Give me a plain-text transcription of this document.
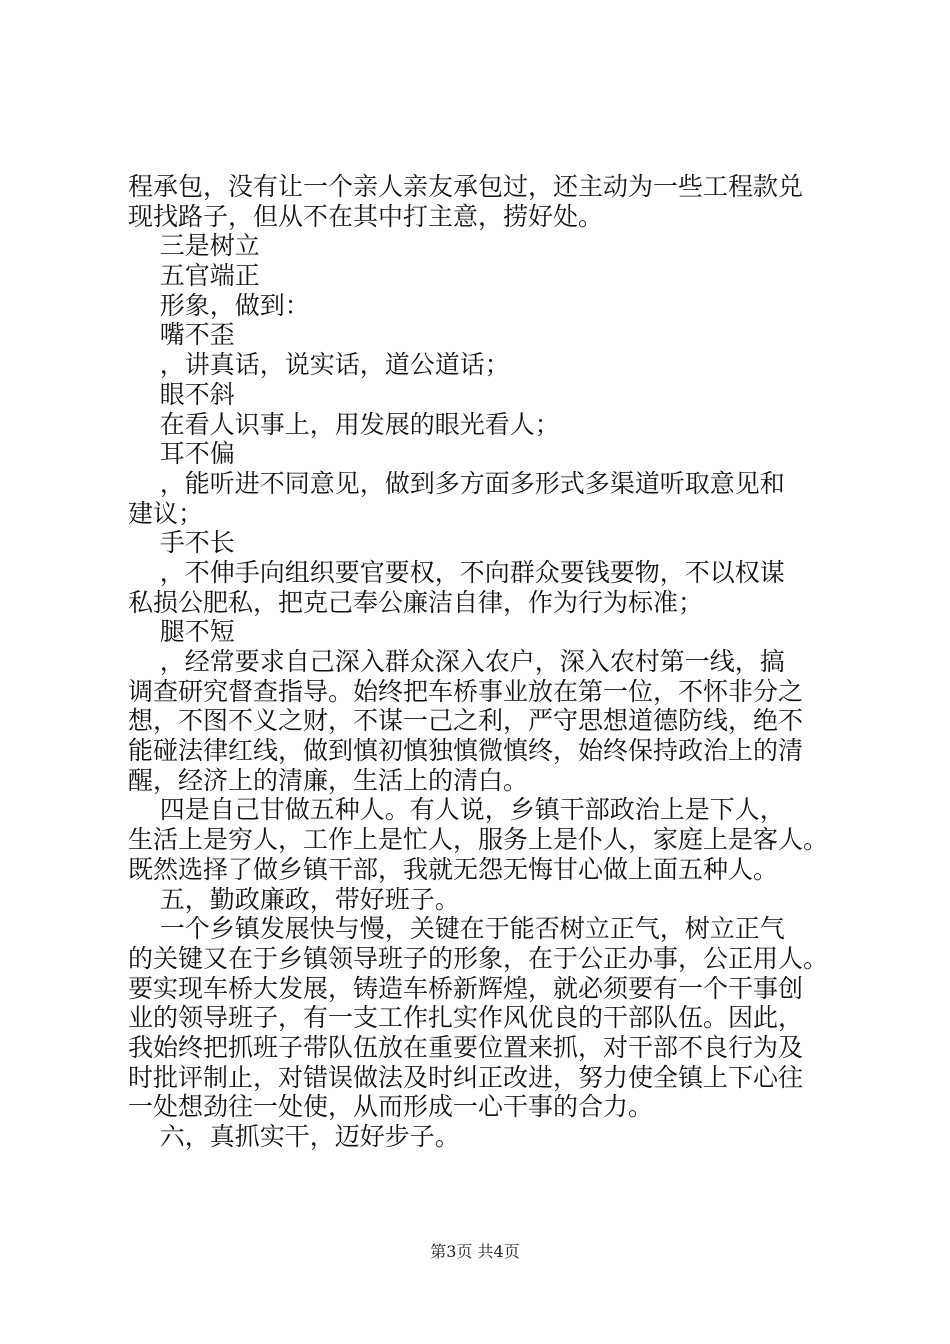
程承包，没有让一个亲人亲友承包过，还主动为一些工程款兑
现找路子，但从不在其中打主意，捞好处。
三是树立
五官端正
形象，做到：
嘴不歪
，讲真话，说实话，道公道话；
眼不斜
在看人识事上，用发展的眼光看人；
耳不偏
，能听进不同意见，做到多方面多形式多渠道听取意见和
建议；
手不长
，不伸手向组织要官要权，不向群众要钱要物，不以权谋
私损公肥私，把克己奉公廉洁自律，作为行为标准；
腿不短
，经常要求自己深入群众深入农户，深入农村第一线，搞
调查研究督查指导。始终把车桥事业放在第一位，不怀非分之
想，不图不义之财，不谋一己之利，严守思想道德防线，绝不
能碰法律红线，做到慎初慎独慎微慎终，始终保持政治上的清
醒，经济上的清廉，生活上的清白。
四是自己甘做五种人。有人说，乡镇干部政治上是下人，
生活上是穷人，工作上是忙人，服务上是仆人，家庭上是客人。
既然选择了做乡镇干部，我就无怨无悔甘心做上面五种人。
五，勤政廉政，带好班子。
一个乡镇发展快与慢，关键在于能否树立正气，树立正气
的关键又在于乡镇领导班子的形象，在于公正办事，公正用人。
要实现车桥大发展，铸造车桥新辉煌，就必须要有一个干事创
业的领导班子，有一支工作扎实作风优良的干部队伍。因此，
我始终把抓班子带队伍放在重要位置来抓，对干部不良行为及
时批评制止，对错误做法及时纠正改进，努力使全镇上下心往
一处想劲往一处使，从而形成一心干事的合力。
六，真抓实干，迈好步子。
第3页 共4页
